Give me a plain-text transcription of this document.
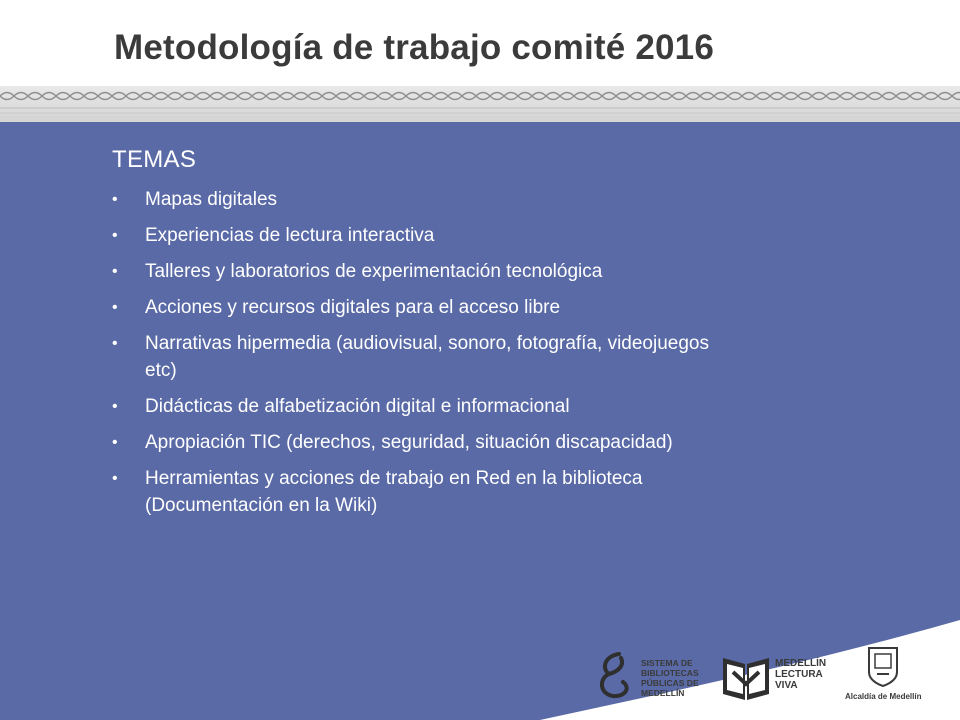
Metodología de trabajo comité 2016
TEMAS
• Mapas digitales
• Experiencias de lectura interactiva
• Talleres y laboratorios de experimentación tecnológica
• Acciones y recursos digitales para el acceso libre
• Narrativas hipermedia (audiovisual, sonoro, fotografía, videojuegos etc)
• Didácticas de alfabetización digital e informacional
• Apropiación TIC (derechos, seguridad, situación discapacidad)
• Herramientas y acciones de trabajo en Red en la biblioteca (Documentación en la Wiki)
SISTEMA DE
BIBLIOTECAS
PÚBLICAS DE
MEDELLÍN
MEDELLÍN
LECTURA
VIVA
Alcaldía de Medellín
